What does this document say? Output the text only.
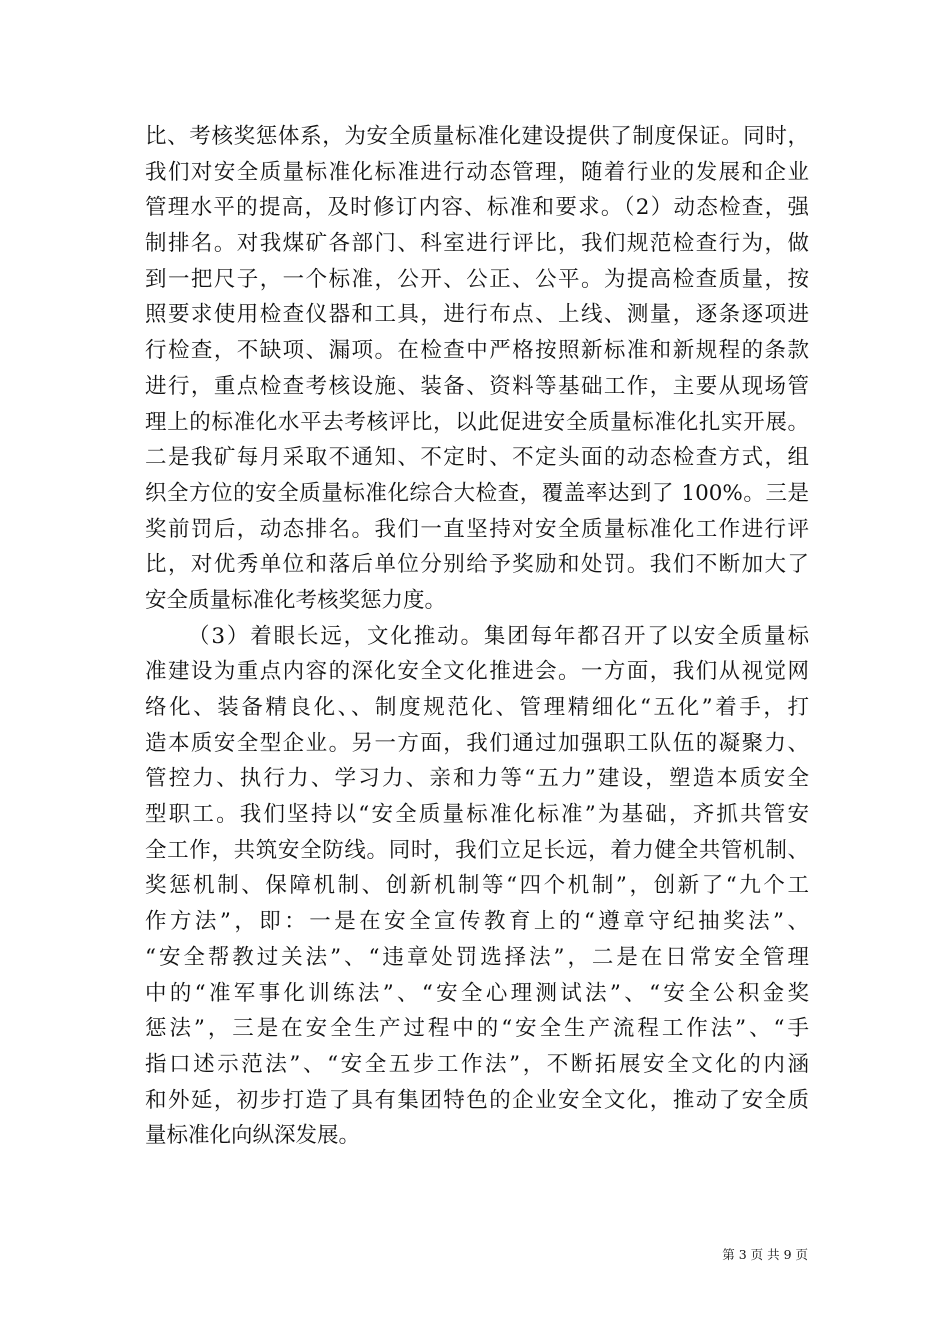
比、考核奖惩体系，为安全质量标准化建设提供了制度保证。同时，
我们对安全质量标准化标准进行动态管理，随着行业的发展和企业
管理水平的提高，及时修订内容、标准和要求。（2）动态检查，强
制排名。对我煤矿各部门、科室进行评比，我们规范检查行为，做
到一把尺子，一个标准，公开、公正、公平。为提高检查质量，按
照要求使用检查仪器和工具，进行布点、上线、测量，逐条逐项进
行检查，不缺项、漏项。在检查中严格按照新标准和新规程的条款
进行，重点检查考核设施、装备、资料等基础工作，主要从现场管
理上的标准化水平去考核评比，以此促进安全质量标准化扎实开展。
二是我矿每月采取不通知、不定时、不定头面的动态检查方式，组
织全方位的安全质量标准化综合大检查，覆盖率达到了 100%。三是
奖前罚后，动态排名。我们一直坚持对安全质量标准化工作进行评
比，对优秀单位和落后单位分别给予奖励和处罚。我们不断加大了
安全质量标准化考核奖惩力度。
（3）着眼长远，文化推动。集团每年都召开了以安全质量标
准建设为重点内容的深化安全文化推进会。一方面，我们从视觉网
络化、装备精良化、、制度规范化、管理精细化“五化”着手，打
造本质安全型企业。另一方面，我们通过加强职工队伍的凝聚力、
管控力、执行力、学习力、亲和力等“五力”建设，塑造本质安全
型职工。我们坚持以“安全质量标准化标准”为基础，齐抓共管安
全工作，共筑安全防线。同时，我们立足长远，着力健全共管机制、
奖惩机制、保障机制、创新机制等“四个机制”，创新了“九个工
作方法”，即：一是在安全宣传教育上的“遵章守纪抽奖法”、
“安全帮教过关法”、“违章处罚选择法”，二是在日常安全管理
中的“准军事化训练法”、“安全心理测试法”、“安全公积金奖
惩法”，三是在安全生产过程中的“安全生产流程工作法”、“手
指口述示范法”、“安全五步工作法”，不断拓展安全文化的内涵
和外延，初步打造了具有集团特色的企业安全文化，推动了安全质
量标准化向纵深发展。
第 3 页 共 9 页
